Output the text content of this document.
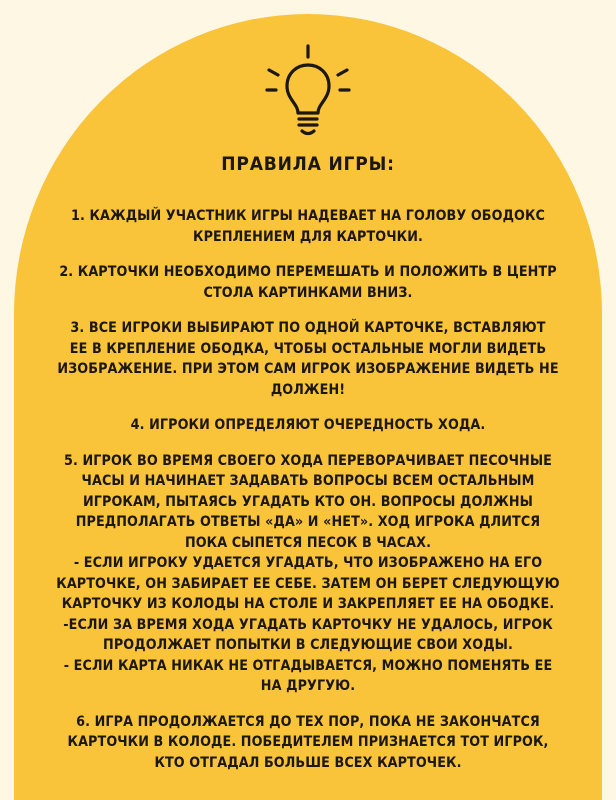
ПРАВИЛА ИГРЫ:
1. КАЖДЫЙ УЧАСТНИК ИГРЫ НАДЕВАЕТ НА ГОЛОВУ ОБОДОКС
КРЕПЛЕНИЕМ ДЛЯ КАРТОЧКИ.
2. КАРТОЧКИ НЕОБХОДИМО ПЕРЕМЕШАТЬ И ПОЛОЖИТЬ В ЦЕНТР
СТОЛА КАРТИНКАМИ ВНИЗ.
3. ВСЕ ИГРОКИ ВЫБИРАЮТ ПО ОДНОЙ КАРТОЧКЕ, ВСТАВЛЯЮТ
ЕЕ В КРЕПЛЕНИЕ ОБОДКА, ЧТОБЫ ОСТАЛЬНЫЕ МОГЛИ ВИДЕТЬ
ИЗОБРАЖЕНИЕ. ПРИ ЭТОМ САМ ИГРОК ИЗОБРАЖЕНИЕ ВИДЕТЬ НЕ
ДОЛЖЕН!
4. ИГРОКИ ОПРЕДЕЛЯЮТ ОЧЕРЕДНОСТЬ ХОДА.
5. ИГРОК ВО ВРЕМЯ СВОЕГО ХОДА ПЕРЕВОРАЧИВАЕТ ПЕСОЧНЫЕ
ЧАСЫ И НАЧИНАЕТ ЗАДАВАТЬ ВОПРОСЫ ВСЕМ ОСТАЛЬНЫМ
ИГРОКАМ, ПЫТАЯСЬ УГАДАТЬ КТО ОН. ВОПРОСЫ ДОЛЖНЫ
ПРЕДПОЛАГАТЬ ОТВЕТЫ «ДА» И «НЕТ». ХОД ИГРОКА ДЛИТСЯ
ПОКА СЫПЕТСЯ ПЕСОК В ЧАСАХ.
- ЕСЛИ ИГРОКУ УДАЕТСЯ УГАДАТЬ, ЧТО ИЗОБРАЖЕНО НА ЕГО
КАРТОЧКЕ, ОН ЗАБИРАЕТ ЕЕ СЕБЕ. ЗАТЕМ ОН БЕРЕТ СЛЕДУЮЩУЮ
КАРТОЧКУ ИЗ КОЛОДЫ НА СТОЛЕ И ЗАКРЕПЛЯЕТ ЕЕ НА ОБОДКЕ.
-ЕСЛИ ЗА ВРЕМЯ ХОДА УГАДАТЬ КАРТОЧКУ НЕ УДАЛОСЬ, ИГРОК
ПРОДОЛЖАЕТ ПОПЫТКИ В СЛЕДУЮЩИЕ СВОИ ХОДЫ.
- ЕСЛИ КАРТА НИКАК НЕ ОТГАДЫВАЕТСЯ, МОЖНО ПОМЕНЯТЬ ЕЕ
НА ДРУГУЮ.
6. ИГРА ПРОДОЛЖАЕТСЯ ДО ТЕХ ПОР, ПОКА НЕ ЗАКОНЧАТСЯ
КАРТОЧКИ В КОЛОДЕ. ПОБЕДИТЕЛЕМ ПРИЗНАЕТСЯ ТОТ ИГРОК,
КТО ОТГАДАЛ БОЛЬШЕ ВСЕХ КАРТОЧЕК.
